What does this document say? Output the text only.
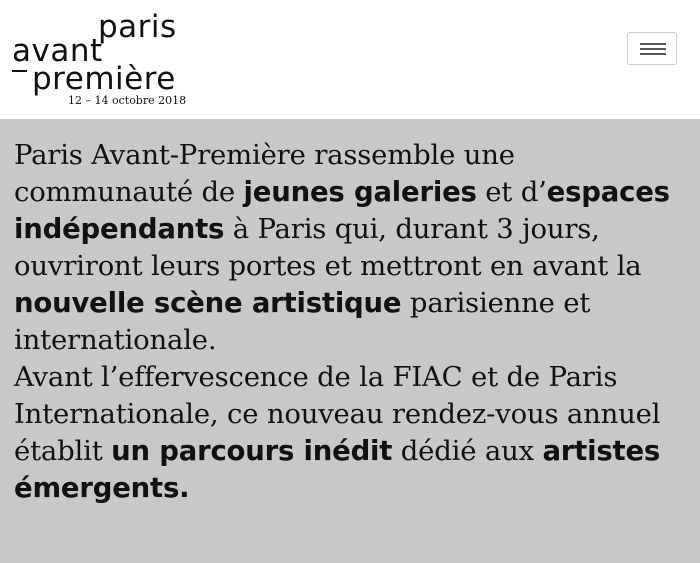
paris
avant
première
12 – 14 octobre 2018
Paris Avant-Première rassemble une communauté de jeunes galeries et d’espaces indépendants à Paris qui, durant 3 jours, ouvriront leurs portes et mettront en avant la nouvelle scène artistique parisienne et internationale.
Avant l’effervescence de la FIAC et de Paris Internationale, ce nouveau rendez-vous annuel établit un parcours inédit dédié aux artistes émergents.
